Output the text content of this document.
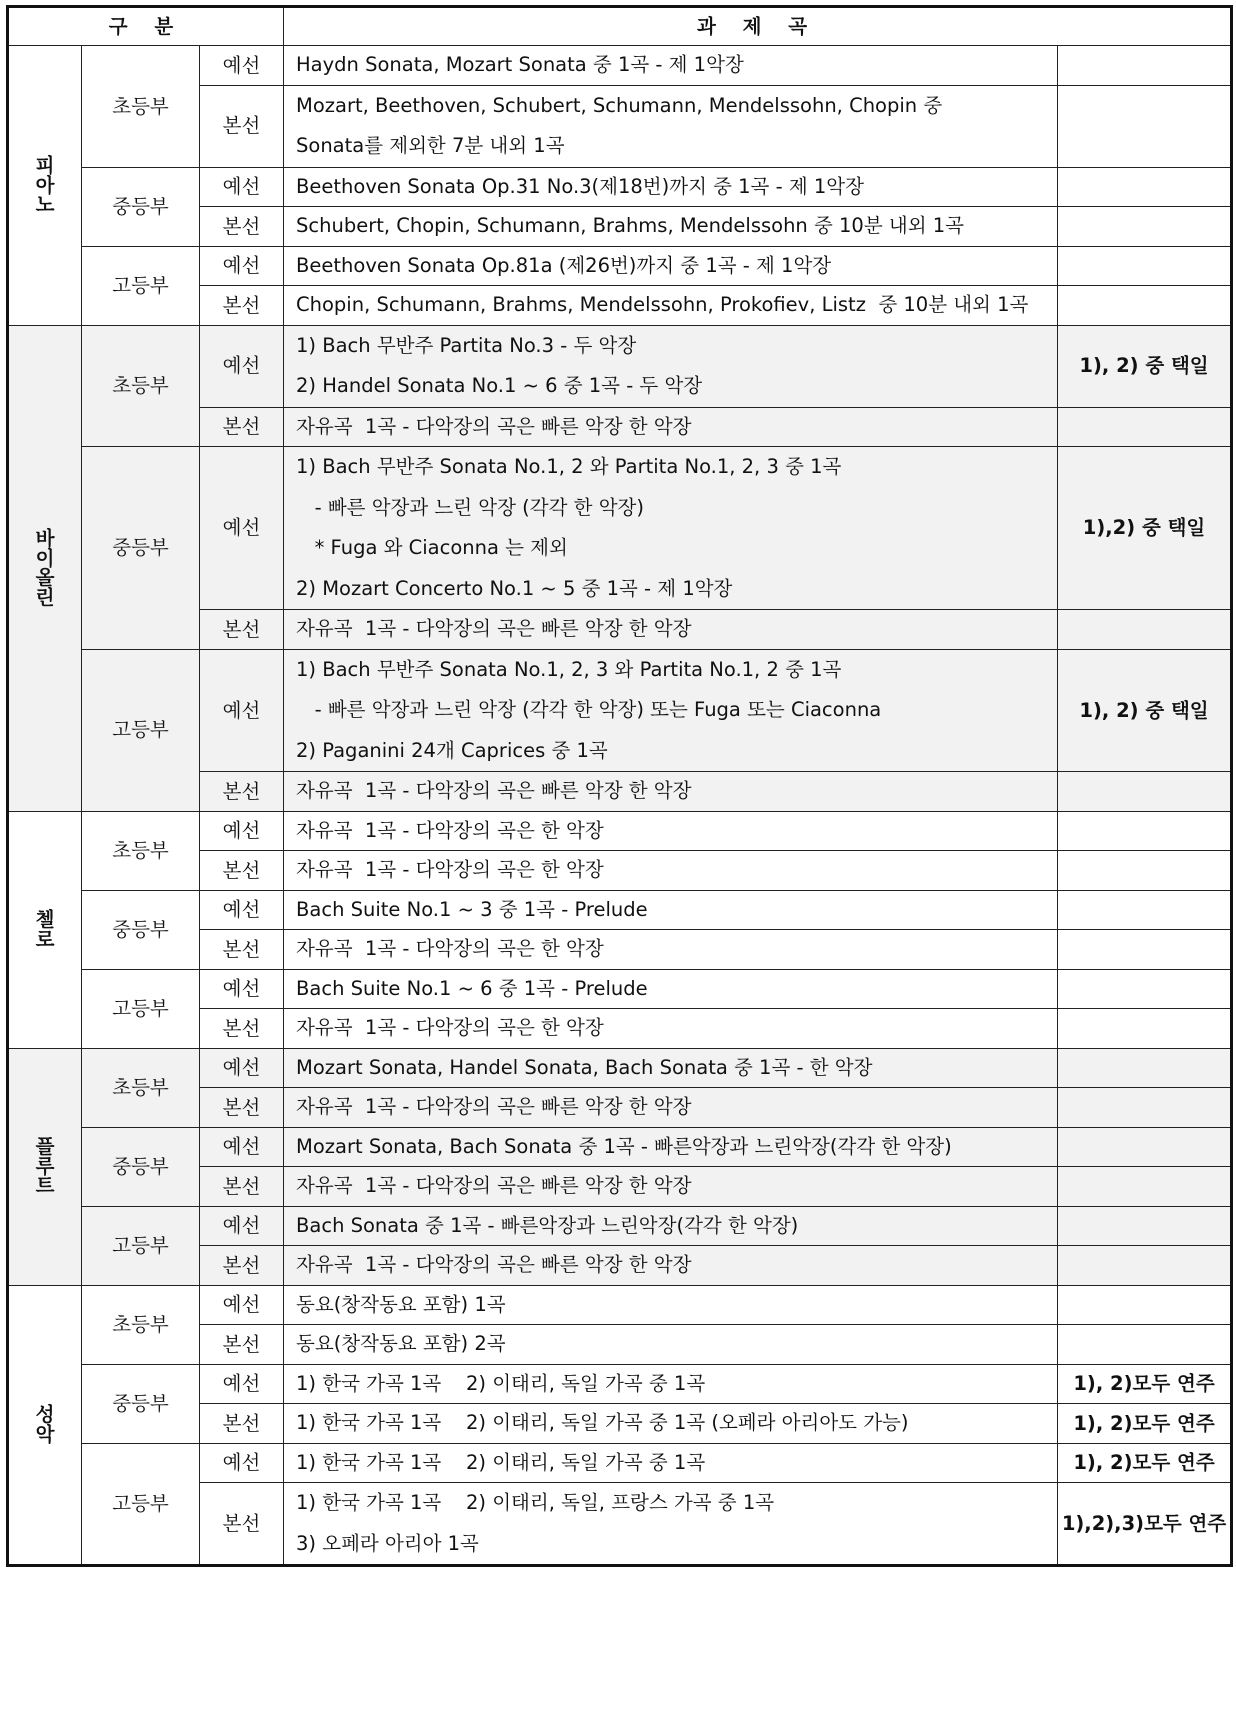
구 분			과 제 곡	

피
아
노	초등부	예선	Haydn Sonata, Mozart Sonata 중 1곡 - 제 1악장	

		본선	Mozart, Beethoven, Schubert, Schumann, Mendelssohn, Chopin 중
Sonata를 제외한 7분 내외 1곡	

	중등부	예선	Beethoven Sonata Op.31 No.3(제18번)까지 중 1곡 - 제 1악장	

		본선	Schubert, Chopin, Schumann, Brahms, Mendelssohn 중 10분 내외 1곡	

	고등부	예선	Beethoven Sonata Op.81a (제26번)까지 중 1곡 - 제 1악장	

		본선	Chopin, Schumann, Brahms, Mendelssohn, Prokofiev, Listz  중 10분 내외 1곡	

바
이
올
린	초등부	예선	1) Bach 무반주 Partita No.3 - 두 악장
2) Handel Sonata No.1 ~ 6 중 1곡 - 두 악장	1), 2) 중 택일
		본선	자유곡  1곡 - 다악장의 곡은 빠른 악장 한 악장	

	중등부	예선	1) Bach 무반주 Sonata No.1, 2 와 Partita No.1, 2, 3 중 1곡
- 빠른 악장과 느린 악장 (각각 한 악장)
* Fuga 와 Ciaconna 는 제외
2) Mozart Concerto No.1 ~ 5 중 1곡 - 제 1악장	1),2) 중 택일
		본선	자유곡  1곡 - 다악장의 곡은 빠른 악장 한 악장	

	고등부	예선	1) Bach 무반주 Sonata No.1, 2, 3 와 Partita No.1, 2 중 1곡
- 빠른 악장과 느린 악장 (각각 한 악장) 또는 Fuga 또는 Ciaconna
2) Paganini 24개 Caprices 중 1곡	1), 2) 중 택일
		본선	자유곡  1곡 - 다악장의 곡은 빠른 악장 한 악장	

첼
로	초등부	예선	자유곡  1곡 - 다악장의 곡은 한 악장	

		본선	자유곡  1곡 - 다악장의 곡은 한 악장	

	중등부	예선	Bach Suite No.1 ~ 3 중 1곡 - Prelude	

		본선	자유곡  1곡 - 다악장의 곡은 한 악장	

	고등부	예선	Bach Suite No.1 ~ 6 중 1곡 - Prelude	

		본선	자유곡  1곡 - 다악장의 곡은 한 악장	

플
루
트	초등부	예선	Mozart Sonata, Handel Sonata, Bach Sonata 중 1곡 - 한 악장	

		본선	자유곡  1곡 - 다악장의 곡은 빠른 악장 한 악장	

	중등부	예선	Mozart Sonata, Bach Sonata 중 1곡 - 빠른악장과 느린악장(각각 한 악장)	

		본선	자유곡  1곡 - 다악장의 곡은 빠른 악장 한 악장	

	고등부	예선	Bach Sonata 중 1곡 - 빠른악장과 느린악장(각각 한 악장)	

		본선	자유곡  1곡 - 다악장의 곡은 빠른 악장 한 악장	

성
악	초등부	예선	동요(창작동요 포함) 1곡	

		본선	동요(창작동요 포함) 2곡	

	중등부	예선	1) 한국 가곡 1곡    2) 이태리, 독일 가곡 중 1곡	1), 2)모두 연주
		본선	1) 한국 가곡 1곡    2) 이태리, 독일 가곡 중 1곡 (오페라 아리아도 가능)	1), 2)모두 연주
	고등부	예선	1) 한국 가곡 1곡    2) 이태리, 독일 가곡 중 1곡	1), 2)모두 연주
		본선	1) 한국 가곡 1곡    2) 이태리, 독일, 프랑스 가곡 중 1곡
3) 오페라 아리아 1곡	1),2),3)모두 연주
